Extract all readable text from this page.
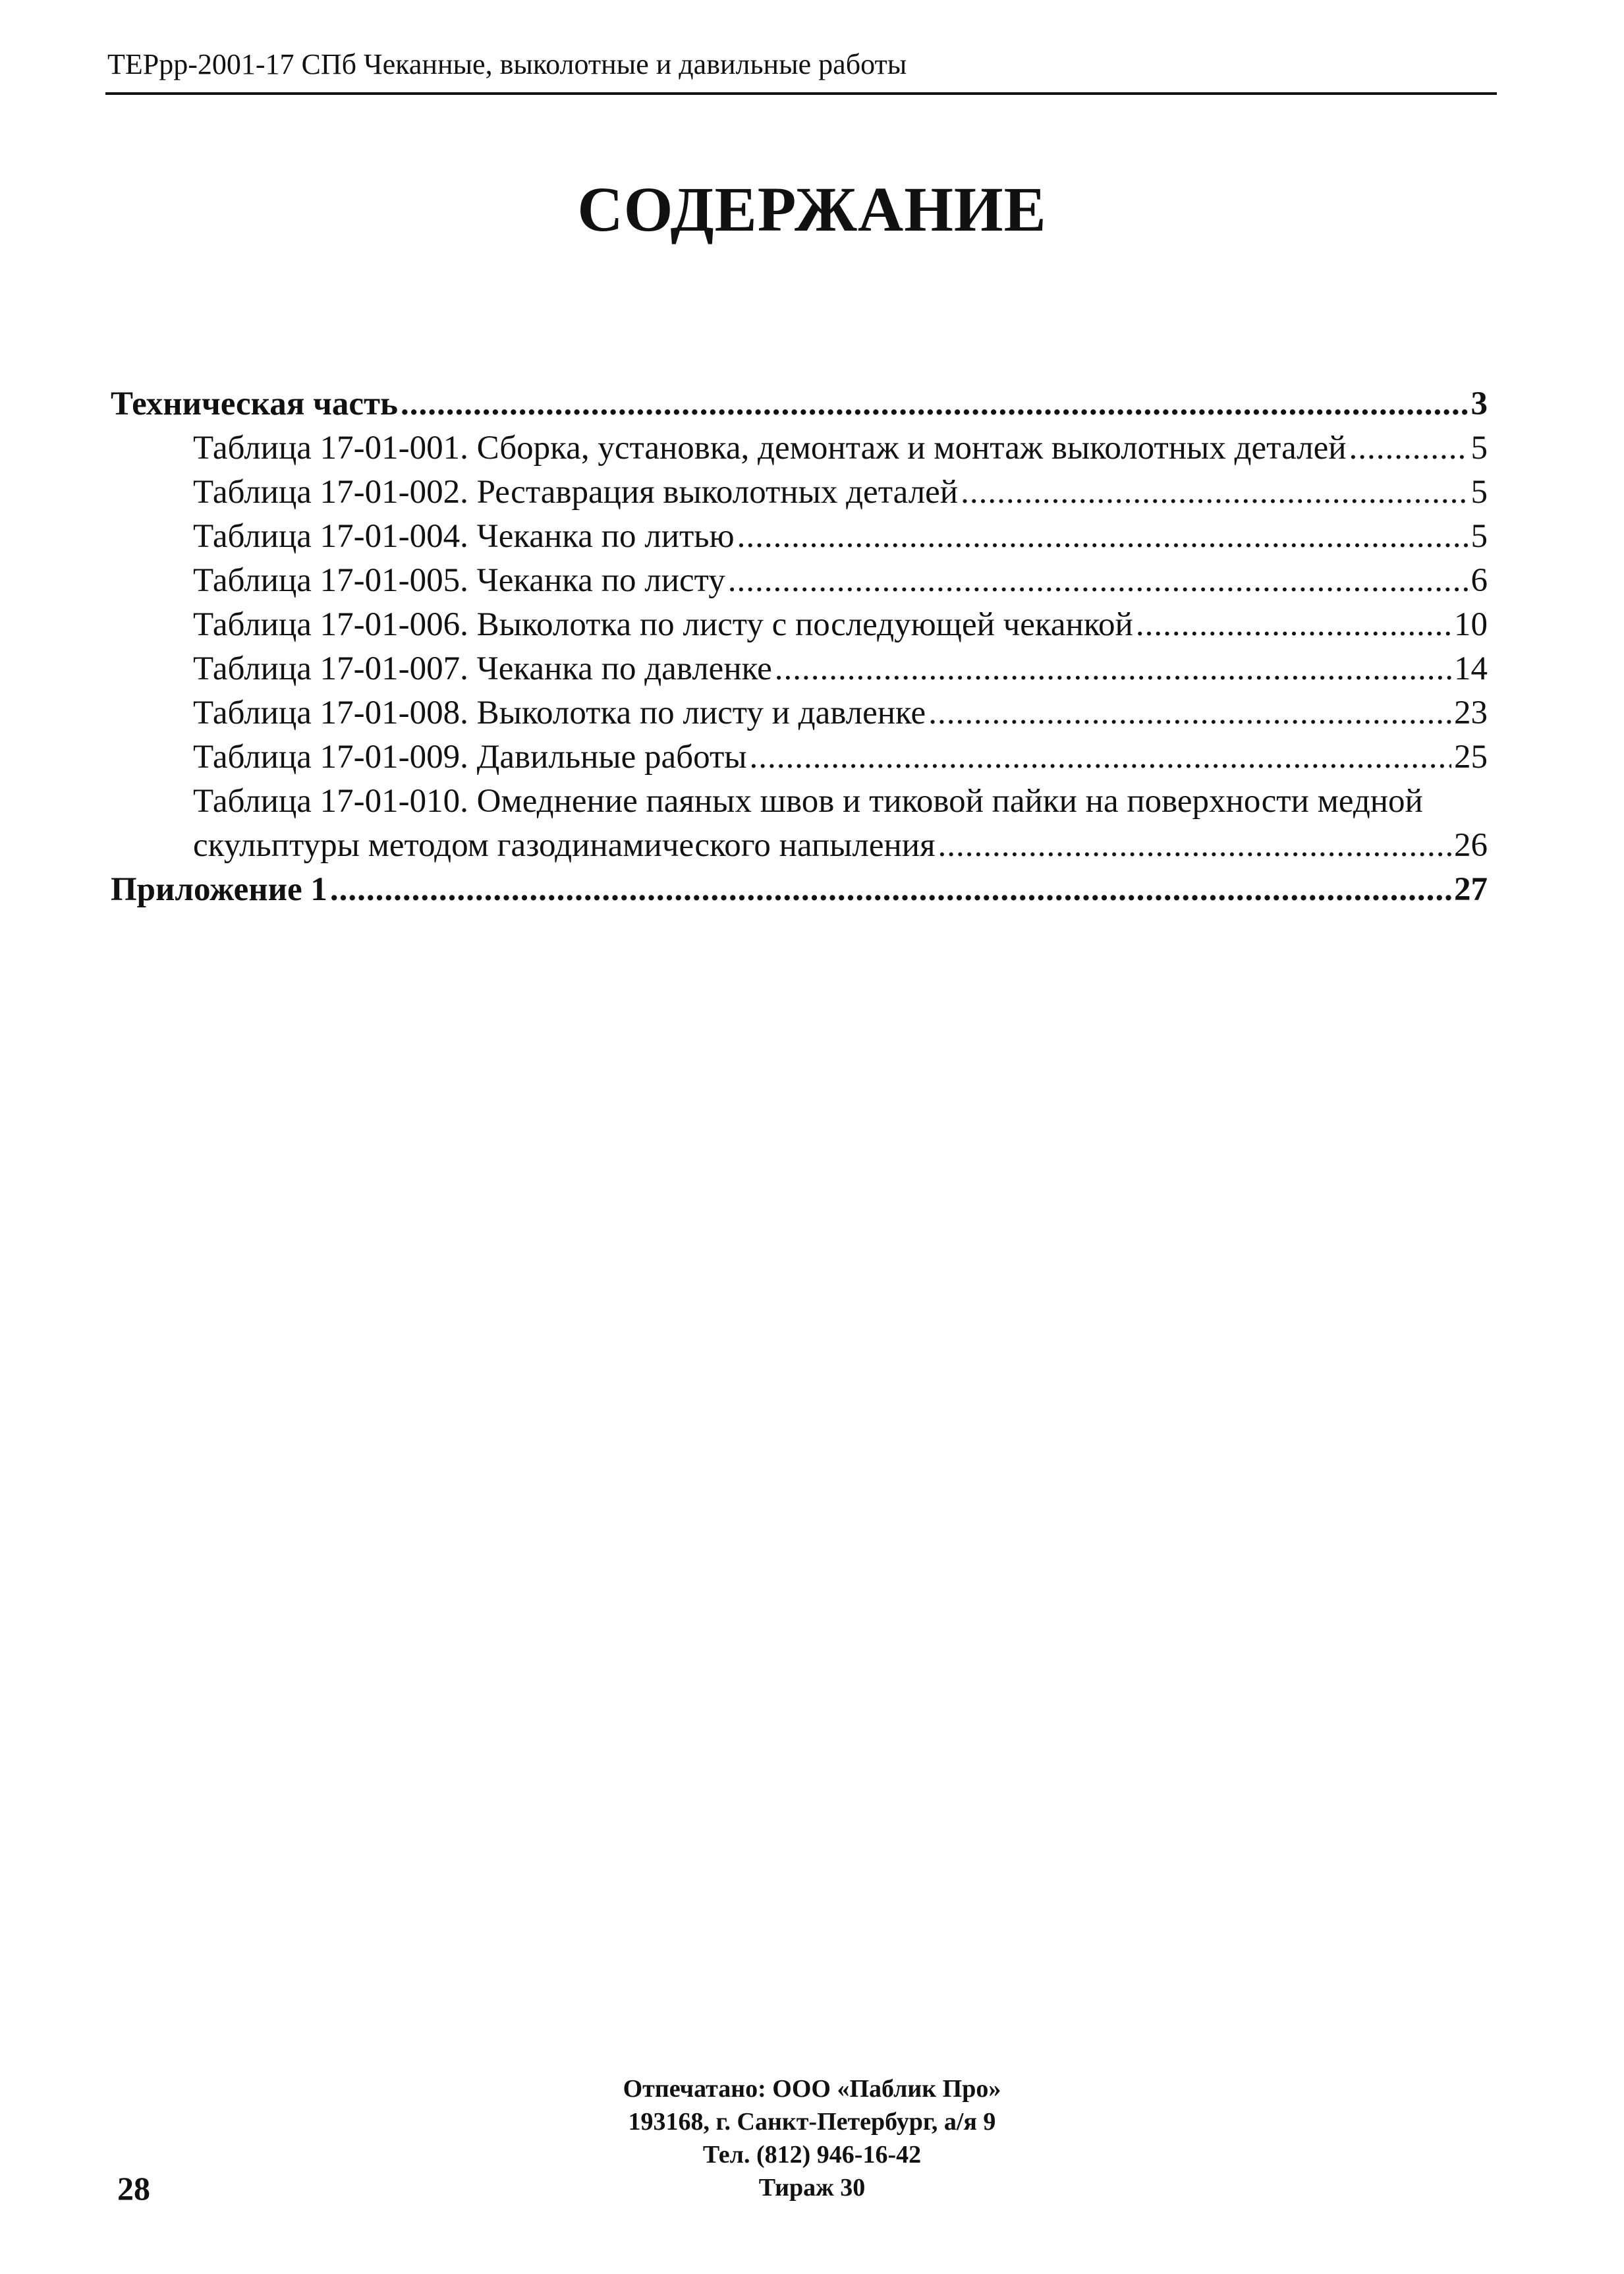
ТЕРрр-2001-17 СПб Чеканные, выколотные и давильные работы
СОДЕРЖАНИЕ
Техническая часть .....	3
Таблица 17-01-001. Сборка, установка, демонтаж и монтаж выколотных деталей .....	5
Таблица 17-01-002. Реставрация выколотных деталей .....	5
Таблица 17-01-004. Чеканка по литью .....	5
Таблица 17-01-005. Чеканка по листу .....	6
Таблица 17-01-006. Выколотка по листу с последующей чеканкой .....	10
Таблица 17-01-007. Чеканка по давленке .....	14
Таблица 17-01-008. Выколотка по листу и давленке .....	23
Таблица 17-01-009. Давильные работы .....	25
Таблица 17-01-010. Омеднение паяных швов и тиковой пайки на поверхности медной
скульптуры методом газодинамического напыления .....	26
Приложение 1 .....	27
Отпечатано: ООО «Паблик Про»
193168, г. Санкт-Петербург, а/я 9
Тел. (812) 946-16-42
Тираж 30
28
